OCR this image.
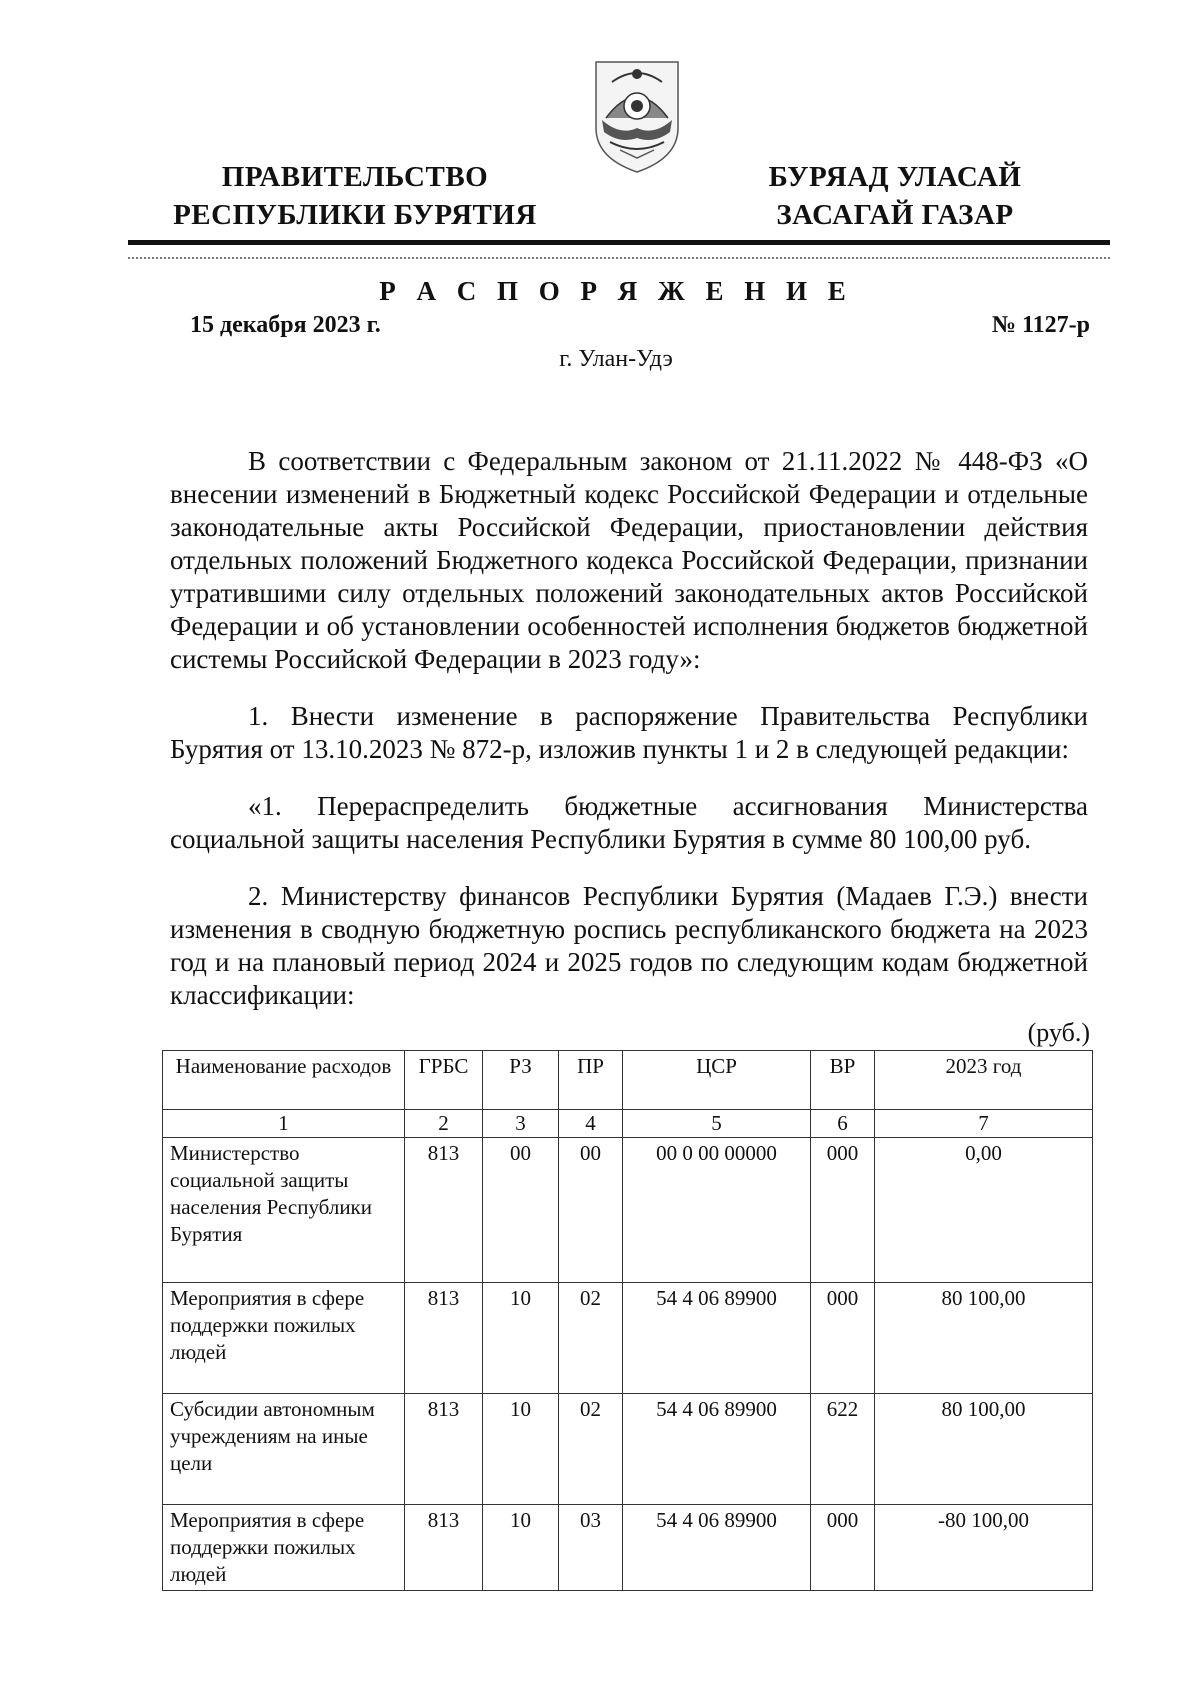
ПРАВИТЕЛЬСТВО
РЕСПУБЛИКИ БУРЯТИЯ
БУРЯАД УЛАСАЙ
ЗАСАГАЙ ГАЗАР
Р А С П О Р Я Ж Е Н И Е
15 декабря 2023 г.	№ 1127-р
г. Улан-Удэ

В соответствии с Федеральным законом от 21.11.2022 № 448-ФЗ «О внесении изменений в Бюджетный кодекс Российской Федерации и отдельные законодательные акты Российской Федерации, приостановлении действия отдельных положений Бюджетного кодекса Российской Федерации, признании утратившими силу отдельных положений законодательных актов Российской Федерации и об установлении особенностей исполнения бюджетов бюджетной системы Российской Федерации в 2023 году»:

1. Внести изменение в распоряжение Правительства Республики Бурятия от 13.10.2023 № 872-р, изложив пункты 1 и 2 в следующей редакции:

«1. Перераспределить бюджетные ассигнования Министерства социальной защиты населения Республики Бурятия в сумме 80 100,00 руб.

2. Министерству финансов Республики Бурятия (Мадаев Г.Э.) внести изменения в сводную бюджетную роспись республиканского бюджета на 2023 год и на плановый период 2024 и 2025 годов по следующим кодам бюджетной классификации:

(руб.)
Наименование расходов	ГРБС	РЗ	ПР	ЦСР	ВР	2023 год
1	2	3	4	5	6	7
Министерство социальной защиты населения Республики Бурятия	813	00	00	00 0 00 00000	000	0,00
Мероприятия в сфере поддержки пожилых людей	813	10	02	54 4 06 89900	000	80 100,00
Субсидии автономным учреждениям на иные цели	813	10	02	54 4 06 89900	622	80 100,00
Мероприятия в сфере поддержки пожилых людей	813	10	03	54 4 06 89900	000	-80 100,00
